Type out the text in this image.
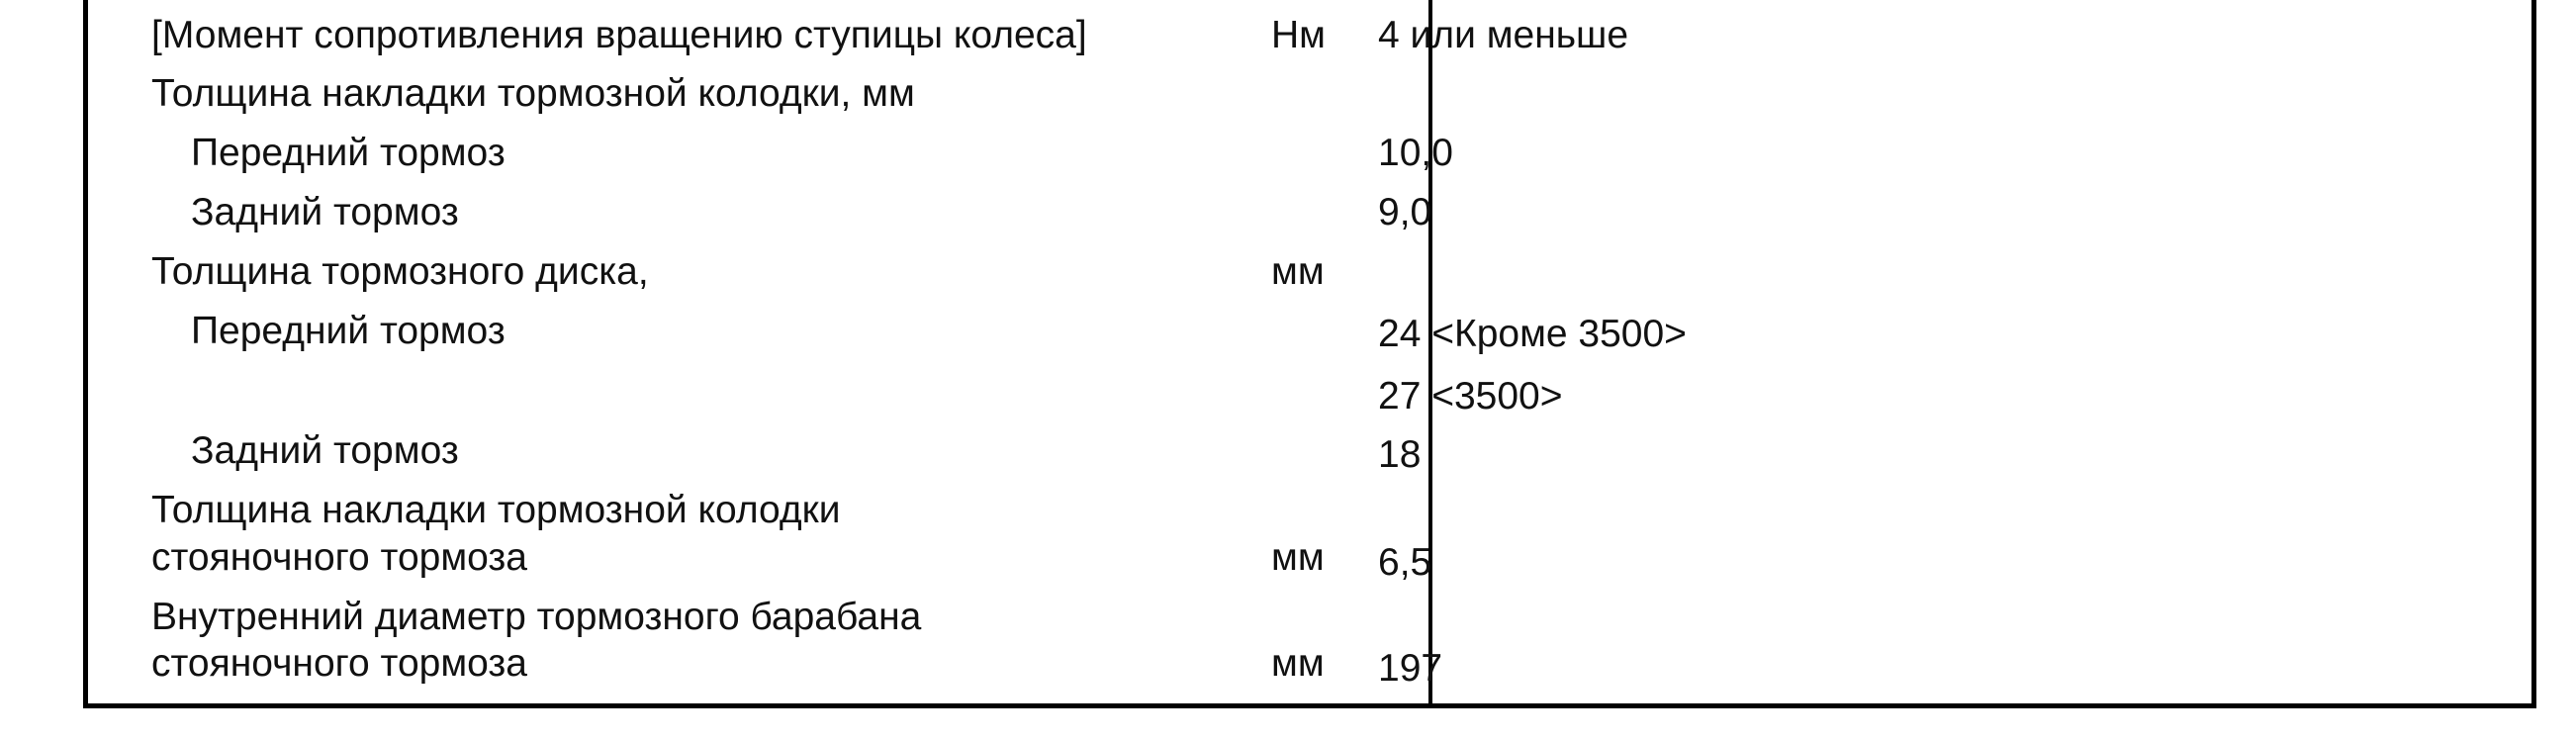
[Момент сопротивления вращению ступицы колеса]	Нм 4 или меньше
Толщина накладки тормозной колодки, мм
Передний тормоз	10,0
Задний тормоз	9,0
Толщина тормозного диска,	мм
Передний тормоз	24 <Кроме 3500>
27 <3500>
Задний тормоз	18
Толщина накладки тормозной колодки
стояночного тормоза	мм 6,5
Внутренний диаметр тормозного барабана
стояночного тормоза	мм 197
